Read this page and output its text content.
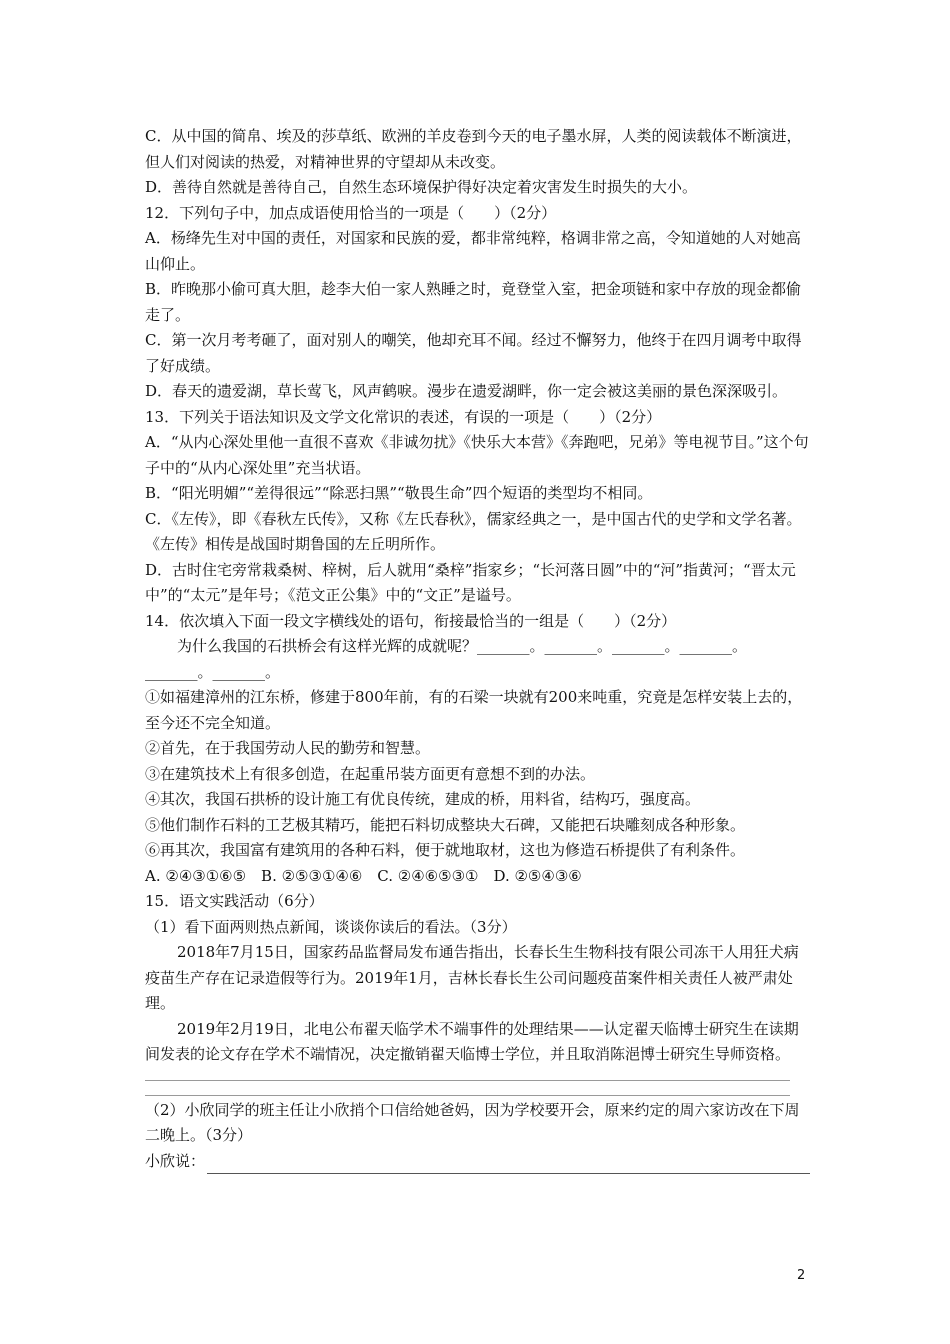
C．从中国的简帛、埃及的莎草纸、欧洲的羊皮卷到今天的电子墨水屏，人类的阅读载体不断演进，但人们对阅读的热爱，对精神世界的守望却从未改变。

D．善待自然就是善待自己，自然生态环境保护得好决定着灾害发生时损失的大小。

12．下列句子中，加点成语使用恰当的一项是（　　）（2分）

A．杨绛先生对中国的责任，对国家和民族的爱，都非常纯粹，格调非常之高，令知道她的人对她高山仰止。

B．昨晚那小偷可真大胆，趁李大伯一家人熟睡之时，竟登堂入室，把金项链和家中存放的现金都偷走了。

C．第一次月考考砸了，面对别人的嘲笑，他却充耳不闻。经过不懈努力，他终于在四月调考中取得了好成绩。

D．春天的遗爱湖，草长莺飞，风声鹤唳。漫步在遗爱湖畔，你一定会被这美丽的景色深深吸引。

13．下列关于语法知识及文学文化常识的表述，有误的一项是（　　）（2分）

A．“从内心深处里他一直很不喜欢《非诚勿扰》《快乐大本营》《奔跑吧，兄弟》等电视节目。”这个句子中的“从内心深处里”充当状语。

B．“阳光明媚”“差得很远”“除恶扫黑”“敬畏生命”四个短语的类型均不相同。

C．《左传》，即《春秋左氏传》，又称《左氏春秋》，儒家经典之一，是中国古代的史学和文学名著。《左传》相传是战国时期鲁国的左丘明所作。

D．古时住宅旁常栽桑树、梓树，后人就用“桑梓”指家乡；“长河落日圆”中的“河”指黄河；“晋太元中”的“太元”是年号；《范文正公集》中的“文正”是谥号。

14．依次填入下面一段文字横线处的语句，衔接最恰当的一组是（　　）（2分）

为什么我国的石拱桥会有这样光辉的成就呢？_______。_______。_______。_______。_______。_______。

①如福建漳州的江东桥，修建于800年前，有的石梁一块就有200来吨重，究竟是怎样安装上去的，至今还不完全知道。

②首先，在于我国劳动人民的勤劳和智慧。

③在建筑技术上有很多创造，在起重吊装方面更有意想不到的办法。

④其次，我国石拱桥的设计施工有优良传统，建成的桥，用料省，结构巧，强度高。

⑤他们制作石料的工艺极其精巧，能把石料切成整块大石碑，又能把石块雕刻成各种形象。

⑥再其次，我国富有建筑用的各种石料，便于就地取材，这也为修造石桥提供了有利条件。

A. ②④③①⑥⑤　B. ②⑤③①④⑥　C. ②④⑥⑤③①　D. ②⑤④③⑥

15．语文实践活动（6分）

（1）看下面两则热点新闻，谈谈你读后的看法。（3分）

2018年7月15日，国家药品监督局发布通告指出，长春长生生物科技有限公司冻干人用狂犬病疫苗生产存在记录造假等行为。2019年1月，吉林长春长生公司问题疫苗案件相关责任人被严肃处理。

2019年2月19日，北电公布翟天临学术不端事件的处理结果——认定翟天临博士研究生在读期间发表的论文存在学术不端情况，决定撤销翟天临博士学位，并且取消陈浥博士研究生导师资格。

（2）小欣同学的班主任让小欣捎个口信给她爸妈，因为学校要开会，原来约定的周六家访改在下周二晚上。（3分）

小欣说：
2
